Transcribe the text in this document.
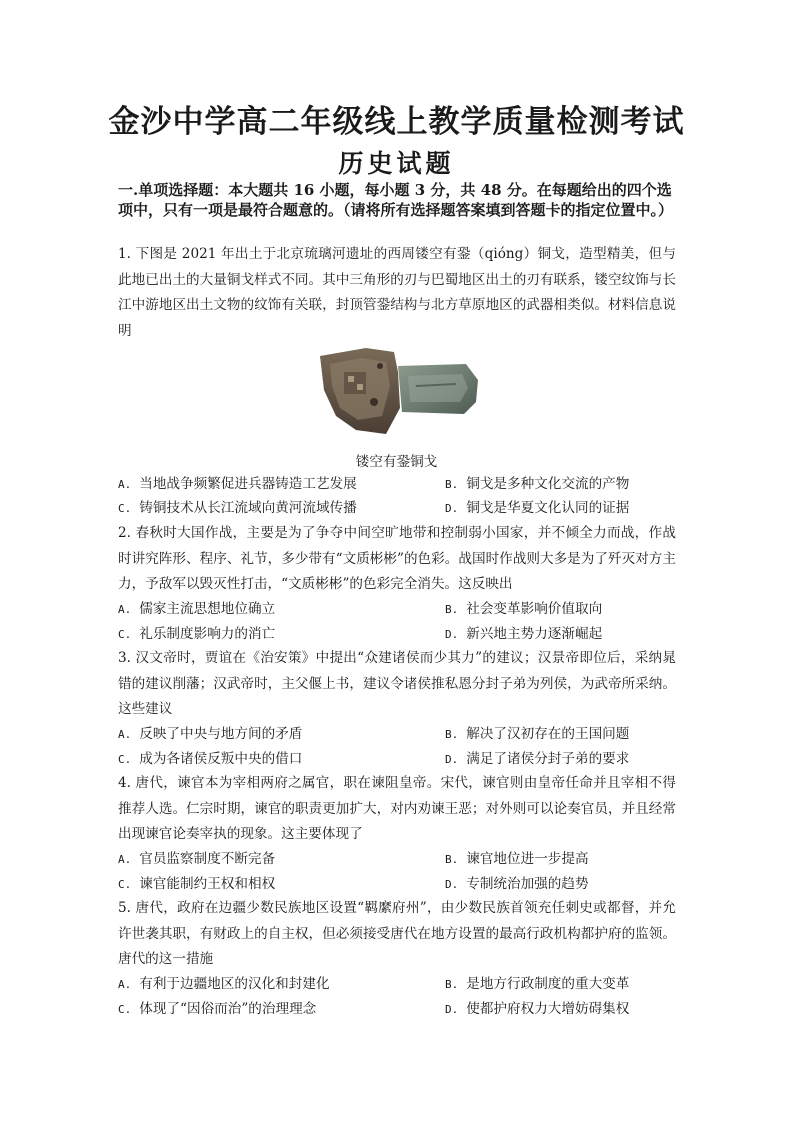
金沙中学高二年级线上教学质量检测考试
历史试题
一.单项选择题：本大题共 16 小题，每小题 3 分，共 48 分。在每题给出的四个选项中，只有一项是最符合题意的。（请将所有选择题答案填到答题卡的指定位置中。）
1. 下图是 2021 年出土于北京琉璃河遗址的西周镂空有銎（qióng）铜戈，造型精美，但与此地已出土的大量铜戈样式不同。其中三角形的刃与巴蜀地区出土的刃有联系，镂空纹饰与长江中游地区出土文物的纹饰有关联，封顶管銎结构与北方草原地区的武器相类似。材料信息说明
镂空有銎铜戈
A. 当地战争频繁促进兵器铸造工艺发展	B. 铜戈是多种文化交流的产物
C. 铸铜技术从长江流域向黄河流域传播	D. 铜戈是华夏文化认同的证据
2. 春秋时大国作战，主要是为了争夺中间空旷地带和控制弱小国家，并不倾全力而战，作战时讲究阵形、程序、礼节，多少带有“文质彬彬”的色彩。战国时作战则大多是为了歼灭对方主力，予敌军以毁灭性打击，“文质彬彬”的色彩完全消失。这反映出
A. 儒家主流思想地位确立	B. 社会变革影响价值取向
C. 礼乐制度影响力的消亡	D. 新兴地主势力逐渐崛起
3. 汉文帝时，贾谊在《治安策》中提出“众建诸侯而少其力”的建议；汉景帝即位后，采纳晁错的建议削藩；汉武帝时，主父偃上书，建议令诸侯推私恩分封子弟为列侯，为武帝所采纳。这些建议
A. 反映了中央与地方间的矛盾	B. 解决了汉初存在的王国问题
C. 成为各诸侯反叛中央的借口	D. 满足了诸侯分封子弟的要求
4. 唐代，谏官本为宰相两府之属官，职在谏阻皇帝。宋代，谏官则由皇帝任命并且宰相不得推荐人选。仁宗时期，谏官的职责更加扩大，对内劝谏王恶；对外则可以论奏官员，并且经常出现谏官论奏宰执的现象。这主要体现了
A. 官员监察制度不断完备	B. 谏官地位进一步提高
C. 谏官能制约王权和相权	D. 专制统治加强的趋势
5. 唐代，政府在边疆少数民族地区设置“羁縻府州”，由少数民族首领充任刺史或都督，并允许世袭其职，有财政上的自主权，但必须接受唐代在地方设置的最高行政机构都护府的监领。唐代的这一措施
A. 有利于边疆地区的汉化和封建化	B. 是地方行政制度的重大变革
C. 体现了“因俗而治”的治理理念	D. 使都护府权力大增妨碍集权
